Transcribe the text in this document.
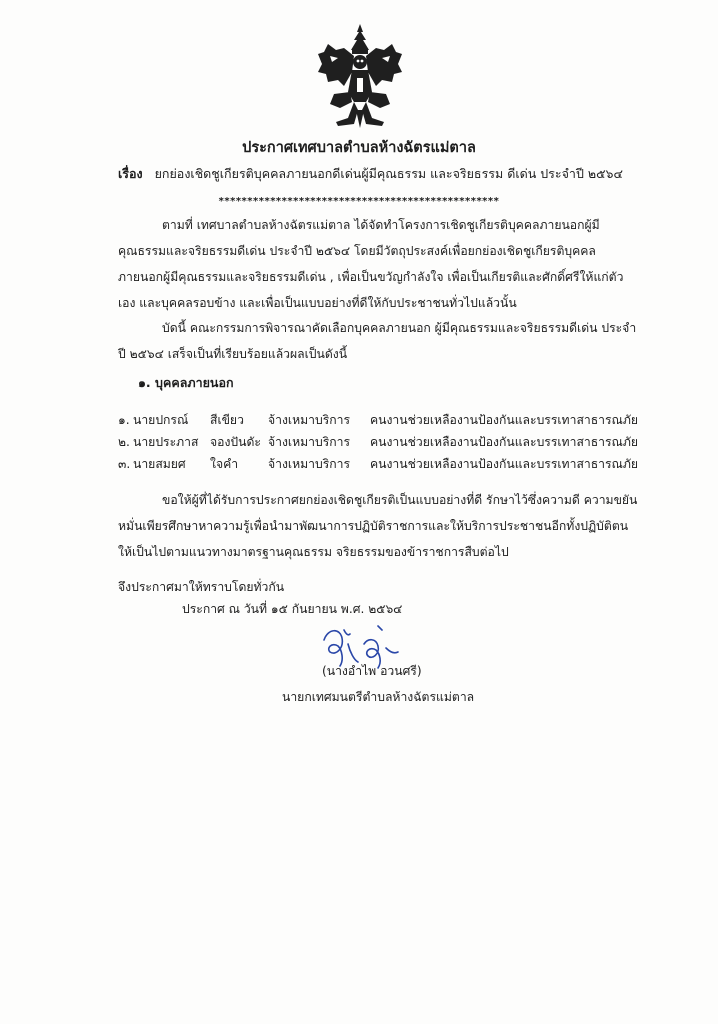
ประกาศเทศบาลตำบลห้างฉัตรแม่ตาล
เรื่อง ยกย่องเชิดชูเกียรติบุคคลภายนอกดีเด่นผู้มีคุณธรรม และจริยธรรม ดีเด่น ประจำปี ๒๕๖๔
*************************************************

ตามที่ เทศบาลตำบลห้างฉัตรแม่ตาล ได้จัดทำโครงการเชิดชูเกียรติบุคคลภายนอกผู้มีคุณธรรมและจริยธรรมดีเด่น ประจำปี ๒๕๖๔ โดยมีวัตถุประสงค์เพื่อยกย่องเชิดชูเกียรติบุคคลภายนอกผู้มีคุณธรรมและจริยธรรมดีเด่น , เพื่อเป็นขวัญกำลังใจ เพื่อเป็นเกียรติและศักดิ์ศรีให้แก่ตัวเอง และบุคคลรอบข้าง และเพื่อเป็นแบบอย่างที่ดีให้กับประชาชนทั่วไปแล้วนั้น

บัดนี้ คณะกรรมการพิจารณาคัดเลือกบุคคลภายนอก ผู้มีคุณธรรมและจริยธรรมดีเด่น ประจำปี ๒๕๖๔ เสร็จเป็นที่เรียบร้อยแล้วผลเป็นดังนี้

๑. บุคคลภายนอก
๑. นายปกรณ์ สีเขียว จ้างเหมาบริการ คนงานช่วยเหลืองานป้องกันและบรรเทาสาธารณภัย
๒. นายประภาส จองปันดัะ จ้างเหมาบริการ คนงานช่วยเหลืองานป้องกันและบรรเทาสาธารณภัย
๓. นายสมยศ ใจคำ จ้างเหมาบริการ คนงานช่วยเหลืองานป้องกันและบรรเทาสาธารณภัย

ขอให้ผู้ที่ได้รับการประกาศยกย่องเชิดชูเกียรติเป็นแบบอย่างที่ดี รักษาไว้ซึ่งความดี ความขยันหมั่นเพียรศึกษาหาความรู้เพื่อนำมาพัฒนาการปฏิบัติราชการและให้บริการประชาชนอีกทั้งปฏิบัติตนให้เป็นไปตามแนวทางมาตรฐานคุณธรรม จริยธรรมของข้าราชการสืบต่อไป

จึงประกาศมาให้ทราบโดยทั่วกัน
ประกาศ ณ วันที่ ๑๕ กันยายน พ.ศ. ๒๕๖๔
(นางอำไพ อวนศรี)
นายกเทศมนตรีตำบลห้างฉัตรแม่ตาล
